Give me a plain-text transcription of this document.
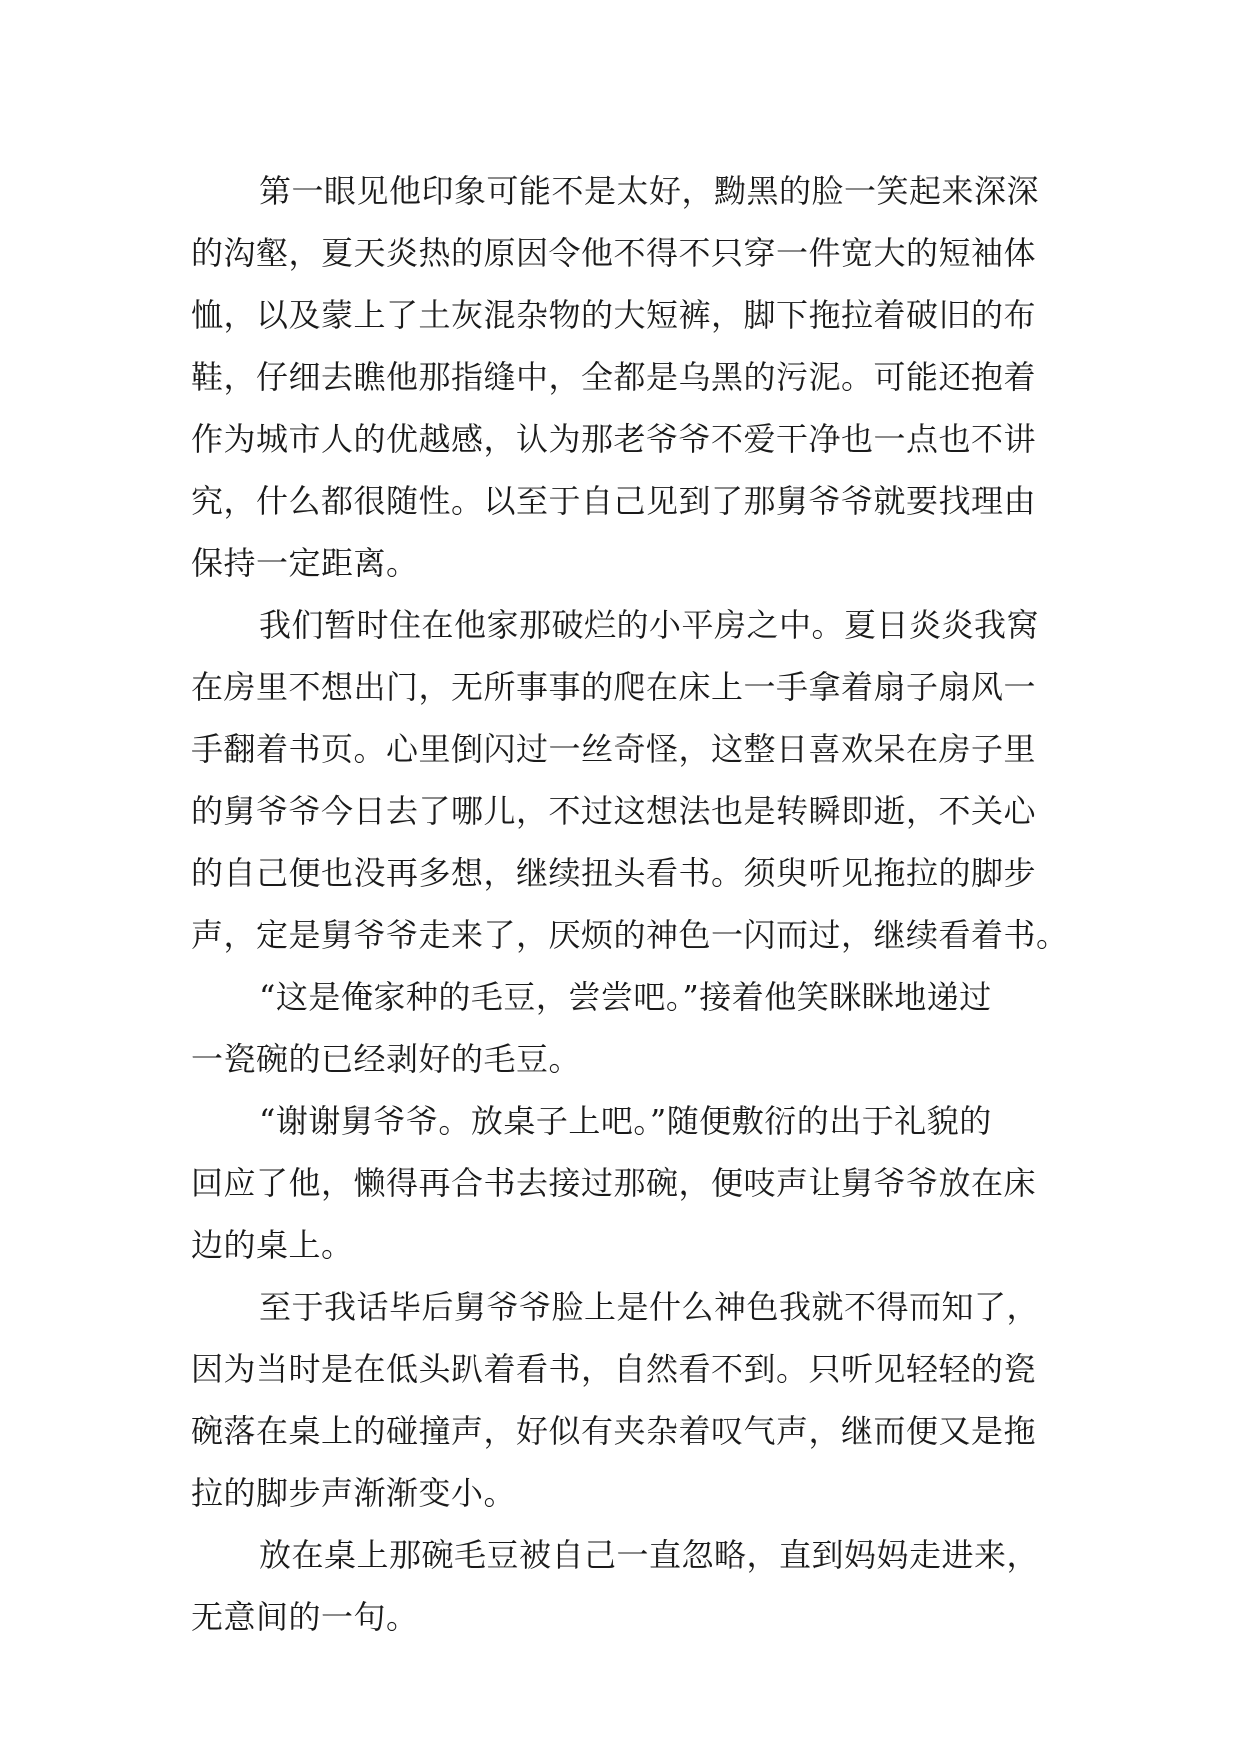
第一眼见他印象可能不是太好，黝黑的脸一笑起来深深
的沟壑，夏天炎热的原因令他不得不只穿一件宽大的短袖体
恤，以及蒙上了土灰混杂物的大短裤，脚下拖拉着破旧的布
鞋，仔细去瞧他那指缝中，全都是乌黑的污泥。可能还抱着
作为城市人的优越感，认为那老爷爷不爱干净也一点也不讲
究，什么都很随性。以至于自己见到了那舅爷爷就要找理由
保持一定距离。
我们暂时住在他家那破烂的小平房之中。夏日炎炎我窝
在房里不想出门，无所事事的爬在床上一手拿着扇子扇风一
手翻着书页。心里倒闪过一丝奇怪，这整日喜欢呆在房子里
的舅爷爷今日去了哪儿，不过这想法也是转瞬即逝，不关心
的自己便也没再多想，继续扭头看书。须臾听见拖拉的脚步
声，定是舅爷爷走来了，厌烦的神色一闪而过，继续看着书。
“这是俺家种的毛豆，尝尝吧。”接着他笑眯眯地递过
一瓷碗的已经剥好的毛豆。
“谢谢舅爷爷。放桌子上吧。”随便敷衍的出于礼貌的
回应了他，懒得再合书去接过那碗，便吱声让舅爷爷放在床
边的桌上。
至于我话毕后舅爷爷脸上是什么神色我就不得而知了，
因为当时是在低头趴着看书，自然看不到。只听见轻轻的瓷
碗落在桌上的碰撞声，好似有夹杂着叹气声，继而便又是拖
拉的脚步声渐渐变小。
放在桌上那碗毛豆被自己一直忽略，直到妈妈走进来，
无意间的一句。
